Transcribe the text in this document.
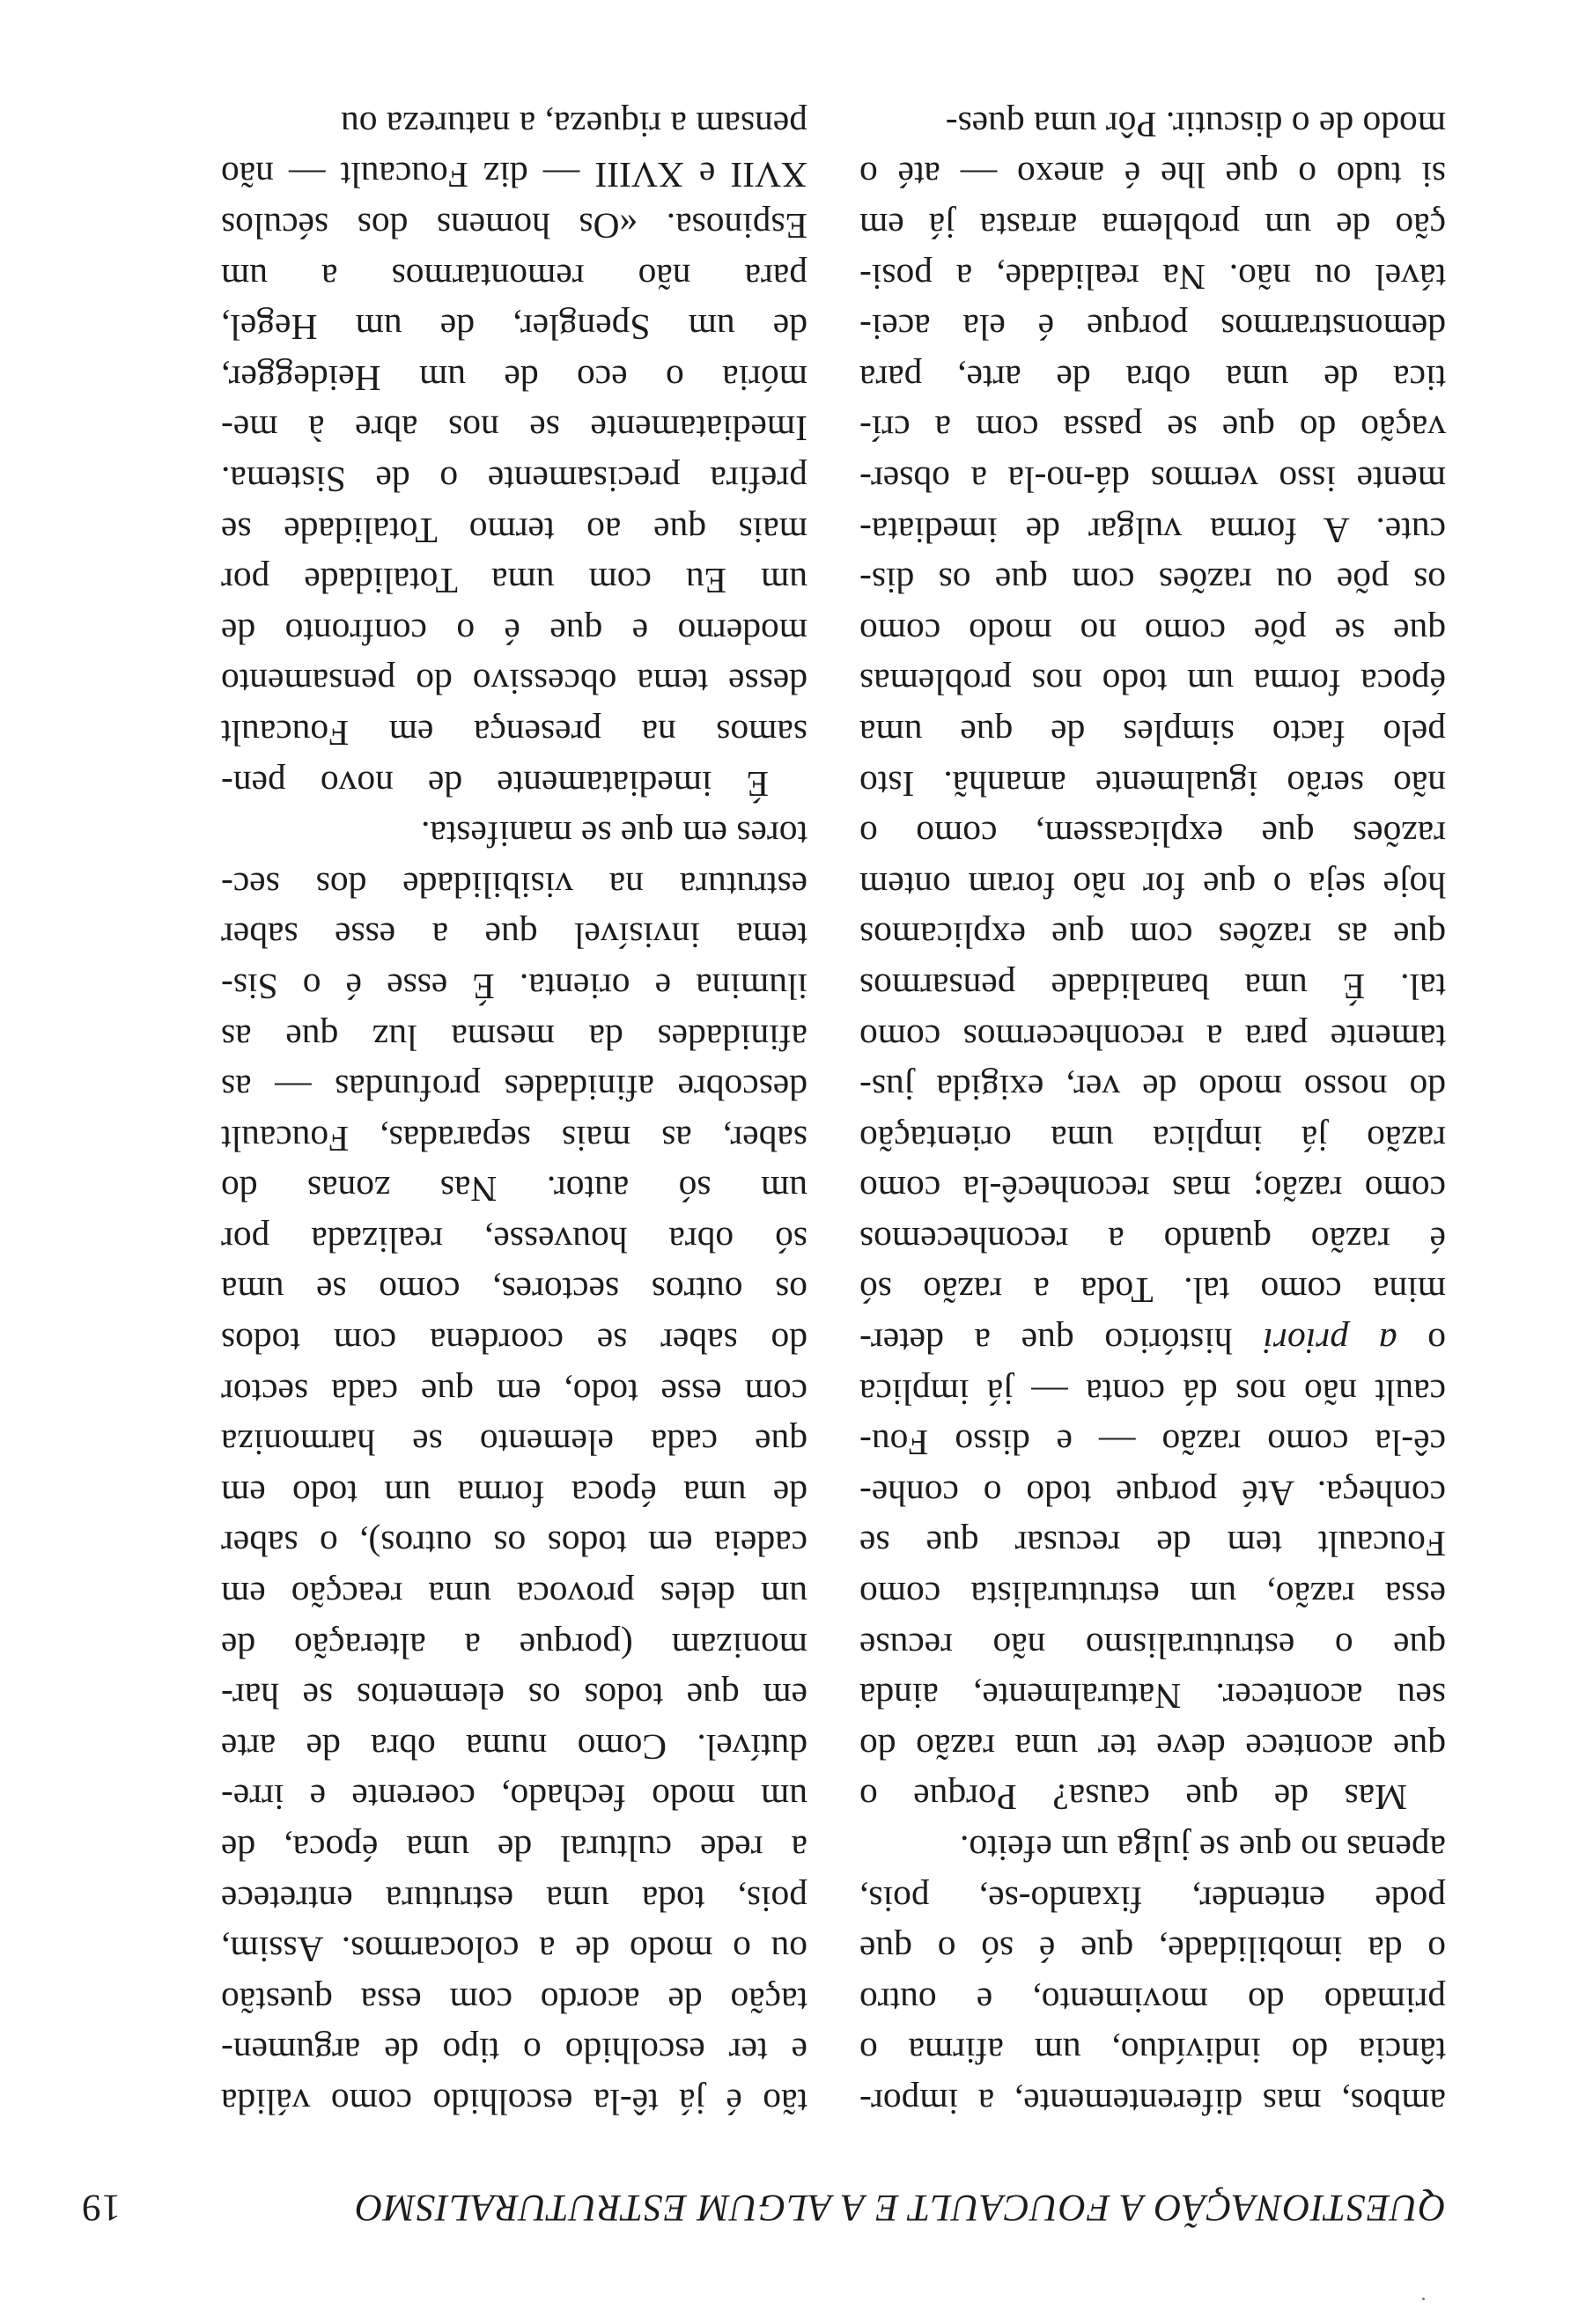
QUESTIONAÇÃO A FOUCAULT E A ALGUM ESTRUTURALISMO
19
ambos, mas diferentemente, a impor-
tância do indivíduo, um afirma o
primado do movimento, e outro
o da imobilidade, que é só o que
pode entender, fixando-se, pois,
apenas no que se julga um efeito.
Mas de que causa? Porque o
que acontece deve ter uma razão do
seu acontecer. Naturalmente, ainda
que o estruturalismo não recuse
essa razão, um estruturalista como
Foucault tem de recusar que se
conheça. Até porque todo o conhe-
cê-la como razão — e disso Fou-
cault não nos dá conta — já implica
o a priori histórico que a deter-
mina como tal. Toda a razão só
é razão quando a reconhecemos
como razão; mas reconhecê-la como
razão já implica uma orientação
do nosso modo de ver, exigida jus-
tamente para a reconhecermos como
tal. É uma banalidade pensarmos
que as razões com que explicamos
hoje seja o que for não foram ontem
razões que explicassem, como o
não serão igualmente amanhã. Isto
pelo facto simples de que uma
época forma um todo nos problemas
que se põe como no modo como
os põe ou razões com que os dis-
cute. A forma vulgar de imediata-
mente isso vermos dá-no-la a obser-
vação do que se passa com a crí-
tica de uma obra de arte, para
demonstrarmos porque é ela acei-
tável ou não. Na realidade, a posi-
ção de um problema arrasta já em
si tudo o que lhe é anexo — até o
modo de o discutir. Pôr uma ques-
tão é já tê-la escolhido como válida
e ter escolhido o tipo de argumen-
tação de acordo com essa questão
ou o modo de a colocarmos. Assim,
pois, toda uma estrutura entretece
a rede cultural de uma época, de
um modo fechado, coerente e irre-
dutível. Como numa obra de arte
em que todos os elementos se har-
monizam (porque a alteração de
um deles provoca uma reacção em
cadeia em todos os outros), o saber
de uma época forma um todo em
que cada elemento se harmoniza
com esse todo, em que cada sector
do saber se coordena com todos
os outros sectores, como se uma
só obra houvesse, realizada por
um só autor. Nas zonas do
saber, as mais separadas, Foucault
descobre afinidades profundas — as
afinidades da mesma luz que as
ilumina e orienta. É esse é o Sis-
tema invisível que a esse saber
estrutura na visibilidade dos sec-
tores em que se manifesta.
É imediatamente de novo pen-
samos na presença em Foucault
desse tema obcessivo do pensamento
moderno e que é o confronto de
um Eu com uma Totalidade por
mais que ao termo Totalidade se
prefira precisamente o de Sistema.
Imediatamente se nos abre à me-
mória o eco de um Heidegger,
de um Spengler, de um Hegel,
para não remontarmos a um
Espinosa. «Os homens dos séculos
XVII e XVIII — diz Foucault — não
pensam a riqueza, a natureza ou
